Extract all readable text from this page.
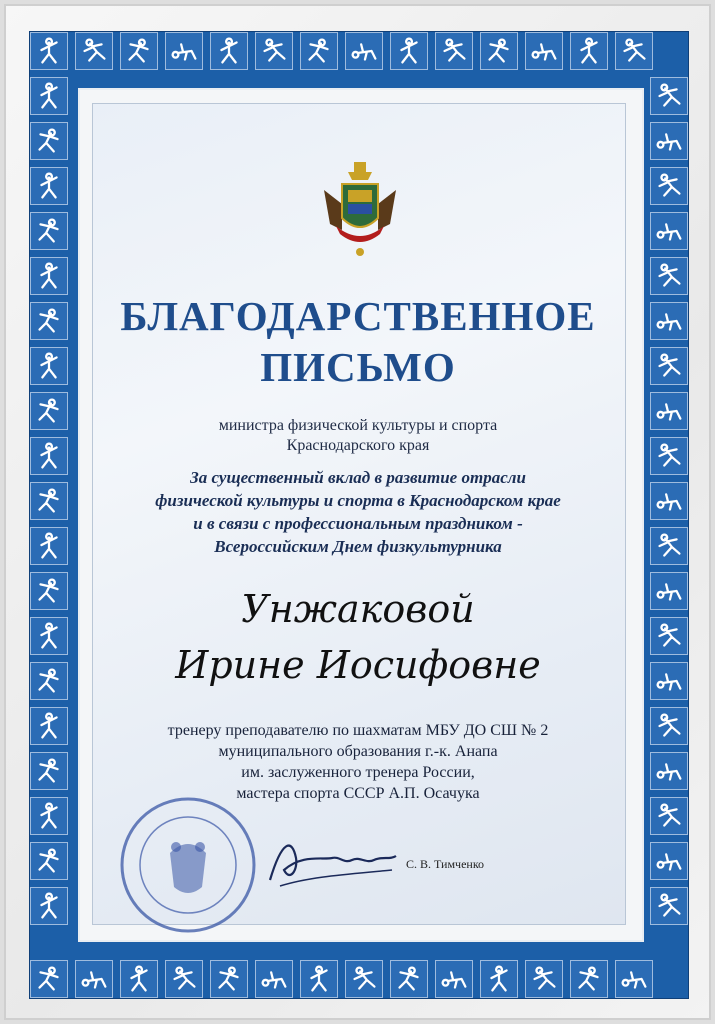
БЛАГОДАРСТВЕННОЕ
ПИСЬМО
министра физической культуры и спорта
Краснодарского края
За существенный вклад в развитие отрасли
физической культуры и спорта в Краснодарском крае
и в связи с профессиональным праздником -
Всероссийским Днем физкультурника
Унжаковой
Ирине Иосифовне
тренеру преподавателю по шахматам МБУ ДО СШ № 2
муниципального образования г.-к. Анапа
им. заслуженного тренера России,
мастера спорта СССР А.П. Осачука
С. В. Тимченко
